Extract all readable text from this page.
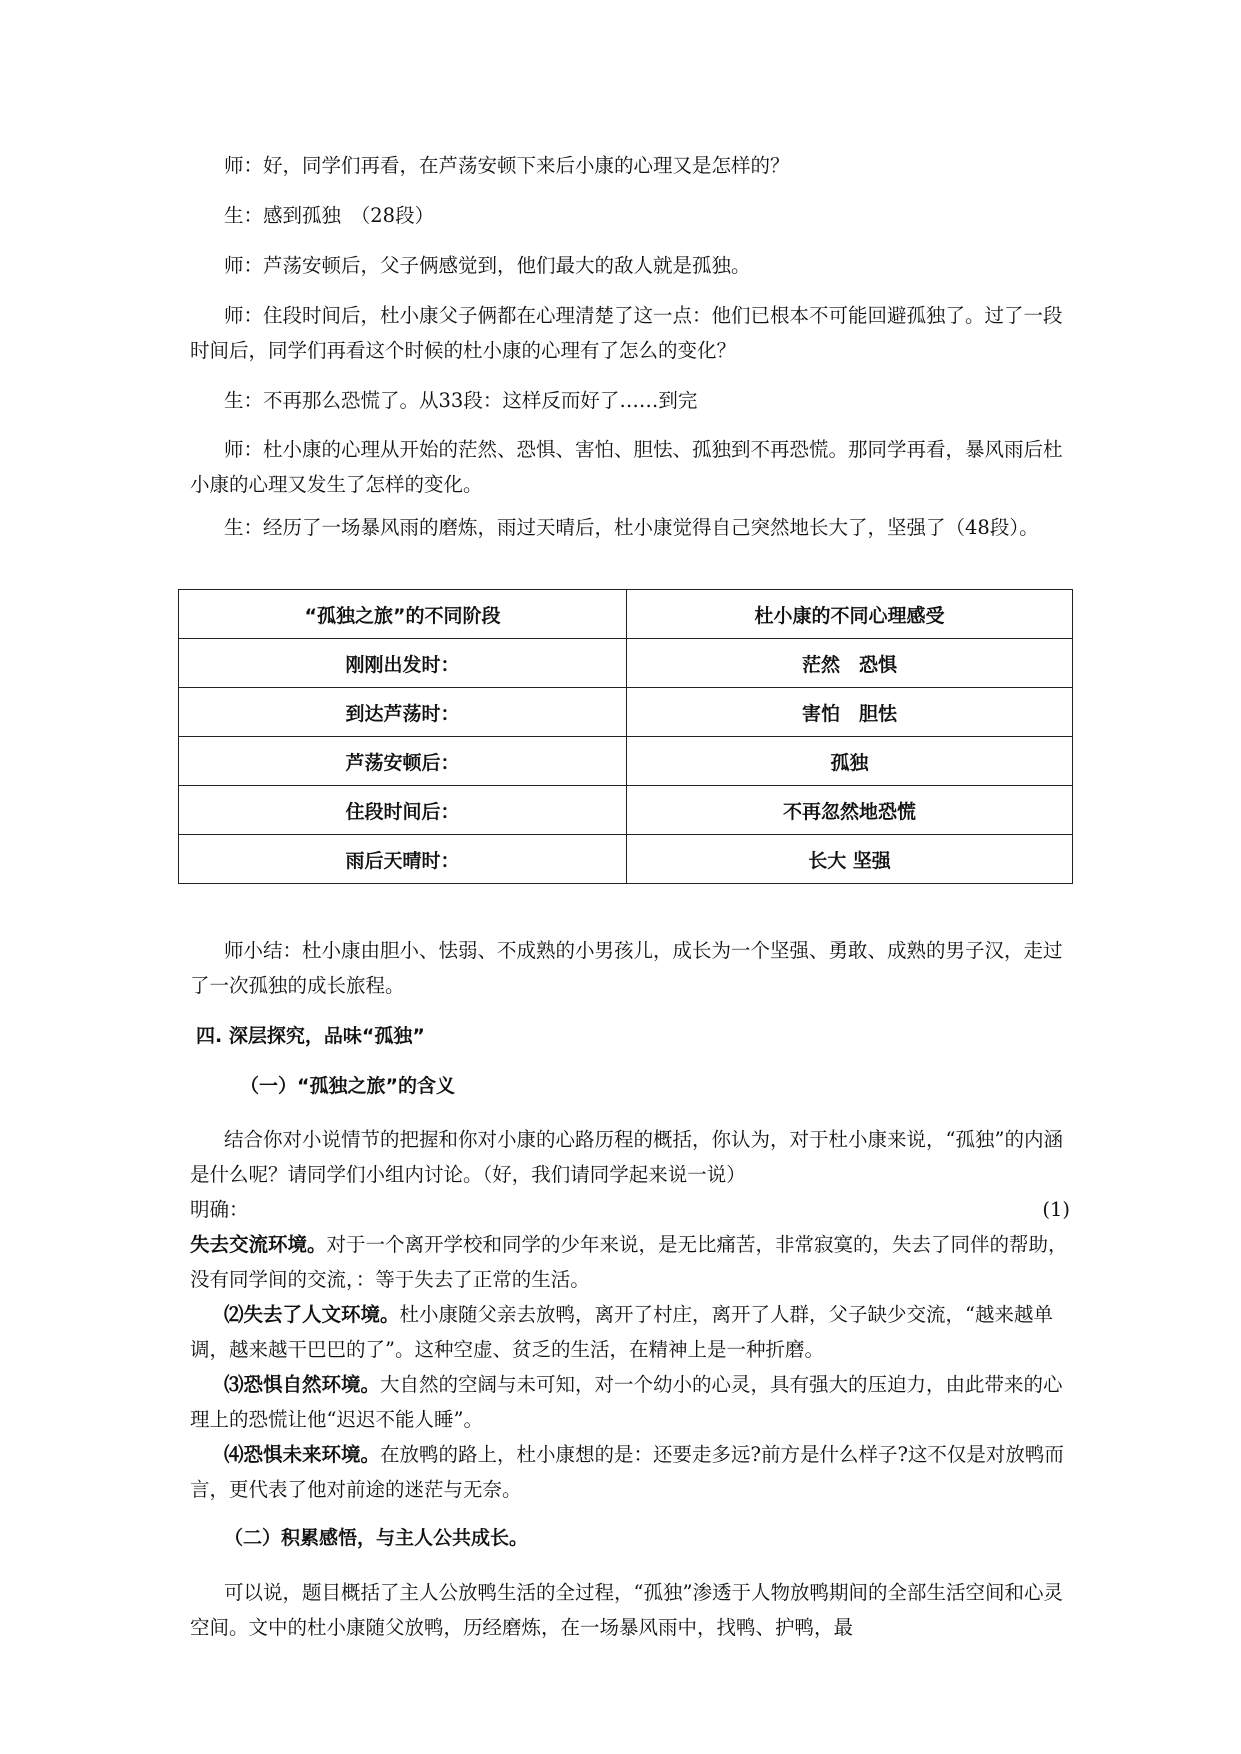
师：好，同学们再看，在芦荡安顿下来后小康的心理又是怎样的？

生：感到孤独　（28段）

师：芦荡安顿后，父子俩感觉到，他们最大的敌人就是孤独。

师：住段时间后，杜小康父子俩都在心理清楚了这一点：他们已根本不可能回避孤独了。过了一段时间后，同学们再看这个时候的杜小康的心理有了怎么的变化？

生：不再那么恐慌了。从33段：这样反而好了……到完

师：杜小康的心理从开始的茫然、恐惧、害怕、胆怯、孤独到不再恐慌。那同学再看，暴风雨后杜小康的心理又发生了怎样的变化。

生：经历了一场暴风雨的磨炼，雨过天晴后，杜小康觉得自己突然地长大了，坚强了（48段）。

“孤独之旅”的不同阶段	杜小康的不同心理感受
刚刚出发时：	茫然　恐惧
到达芦荡时：	害怕　胆怯
芦荡安顿后：	孤独
住段时间后：	不再忽然地恐慌
雨后天晴时：	长大 坚强

师小结：杜小康由胆小、怯弱、不成熟的小男孩儿，成长为一个坚强、勇敢、成熟的男子汉，走过了一次孤独的成长旅程。

四. 深层探究，品味“孤独”

（一）“孤独之旅”的含义

结合你对小说情节的把握和你对小康的心路历程的概括，你认为，对于杜小康来说，“孤独”的内涵是什么呢？请同学们小组内讨论。（好，我们请同学起来说一说）

明确：	(1)

失去交流环境。对于一个离开学校和同学的少年来说，是无比痛苦，非常寂寞的，失去了同伴的帮助，没有同学间的交流，：等于失去了正常的生活。

⑵失去了人文环境。杜小康随父亲去放鸭，离开了村庄，离开了人群，父子缺少交流，“越来越单调，越来越干巴巴的了”。这种空虚、贫乏的生活，在精神上是一种折磨。

⑶恐惧自然环境。大自然的空阔与未可知，对一个幼小的心灵，具有强大的压迫力，由此带来的心理上的恐慌让他“迟迟不能人睡”。

⑷恐惧未来环境。在放鸭的路上，杜小康想的是：还要走多远?前方是什么样子?这不仅是对放鸭而言，更代表了他对前途的迷茫与无奈。

（二）积累感悟，与主人公共成长。

可以说，题目概括了主人公放鸭生活的全过程，“孤独”渗透于人物放鸭期间的全部生活空间和心灵空间。文中的杜小康随父放鸭，历经磨炼，在一场暴风雨中，找鸭、护鸭，最
